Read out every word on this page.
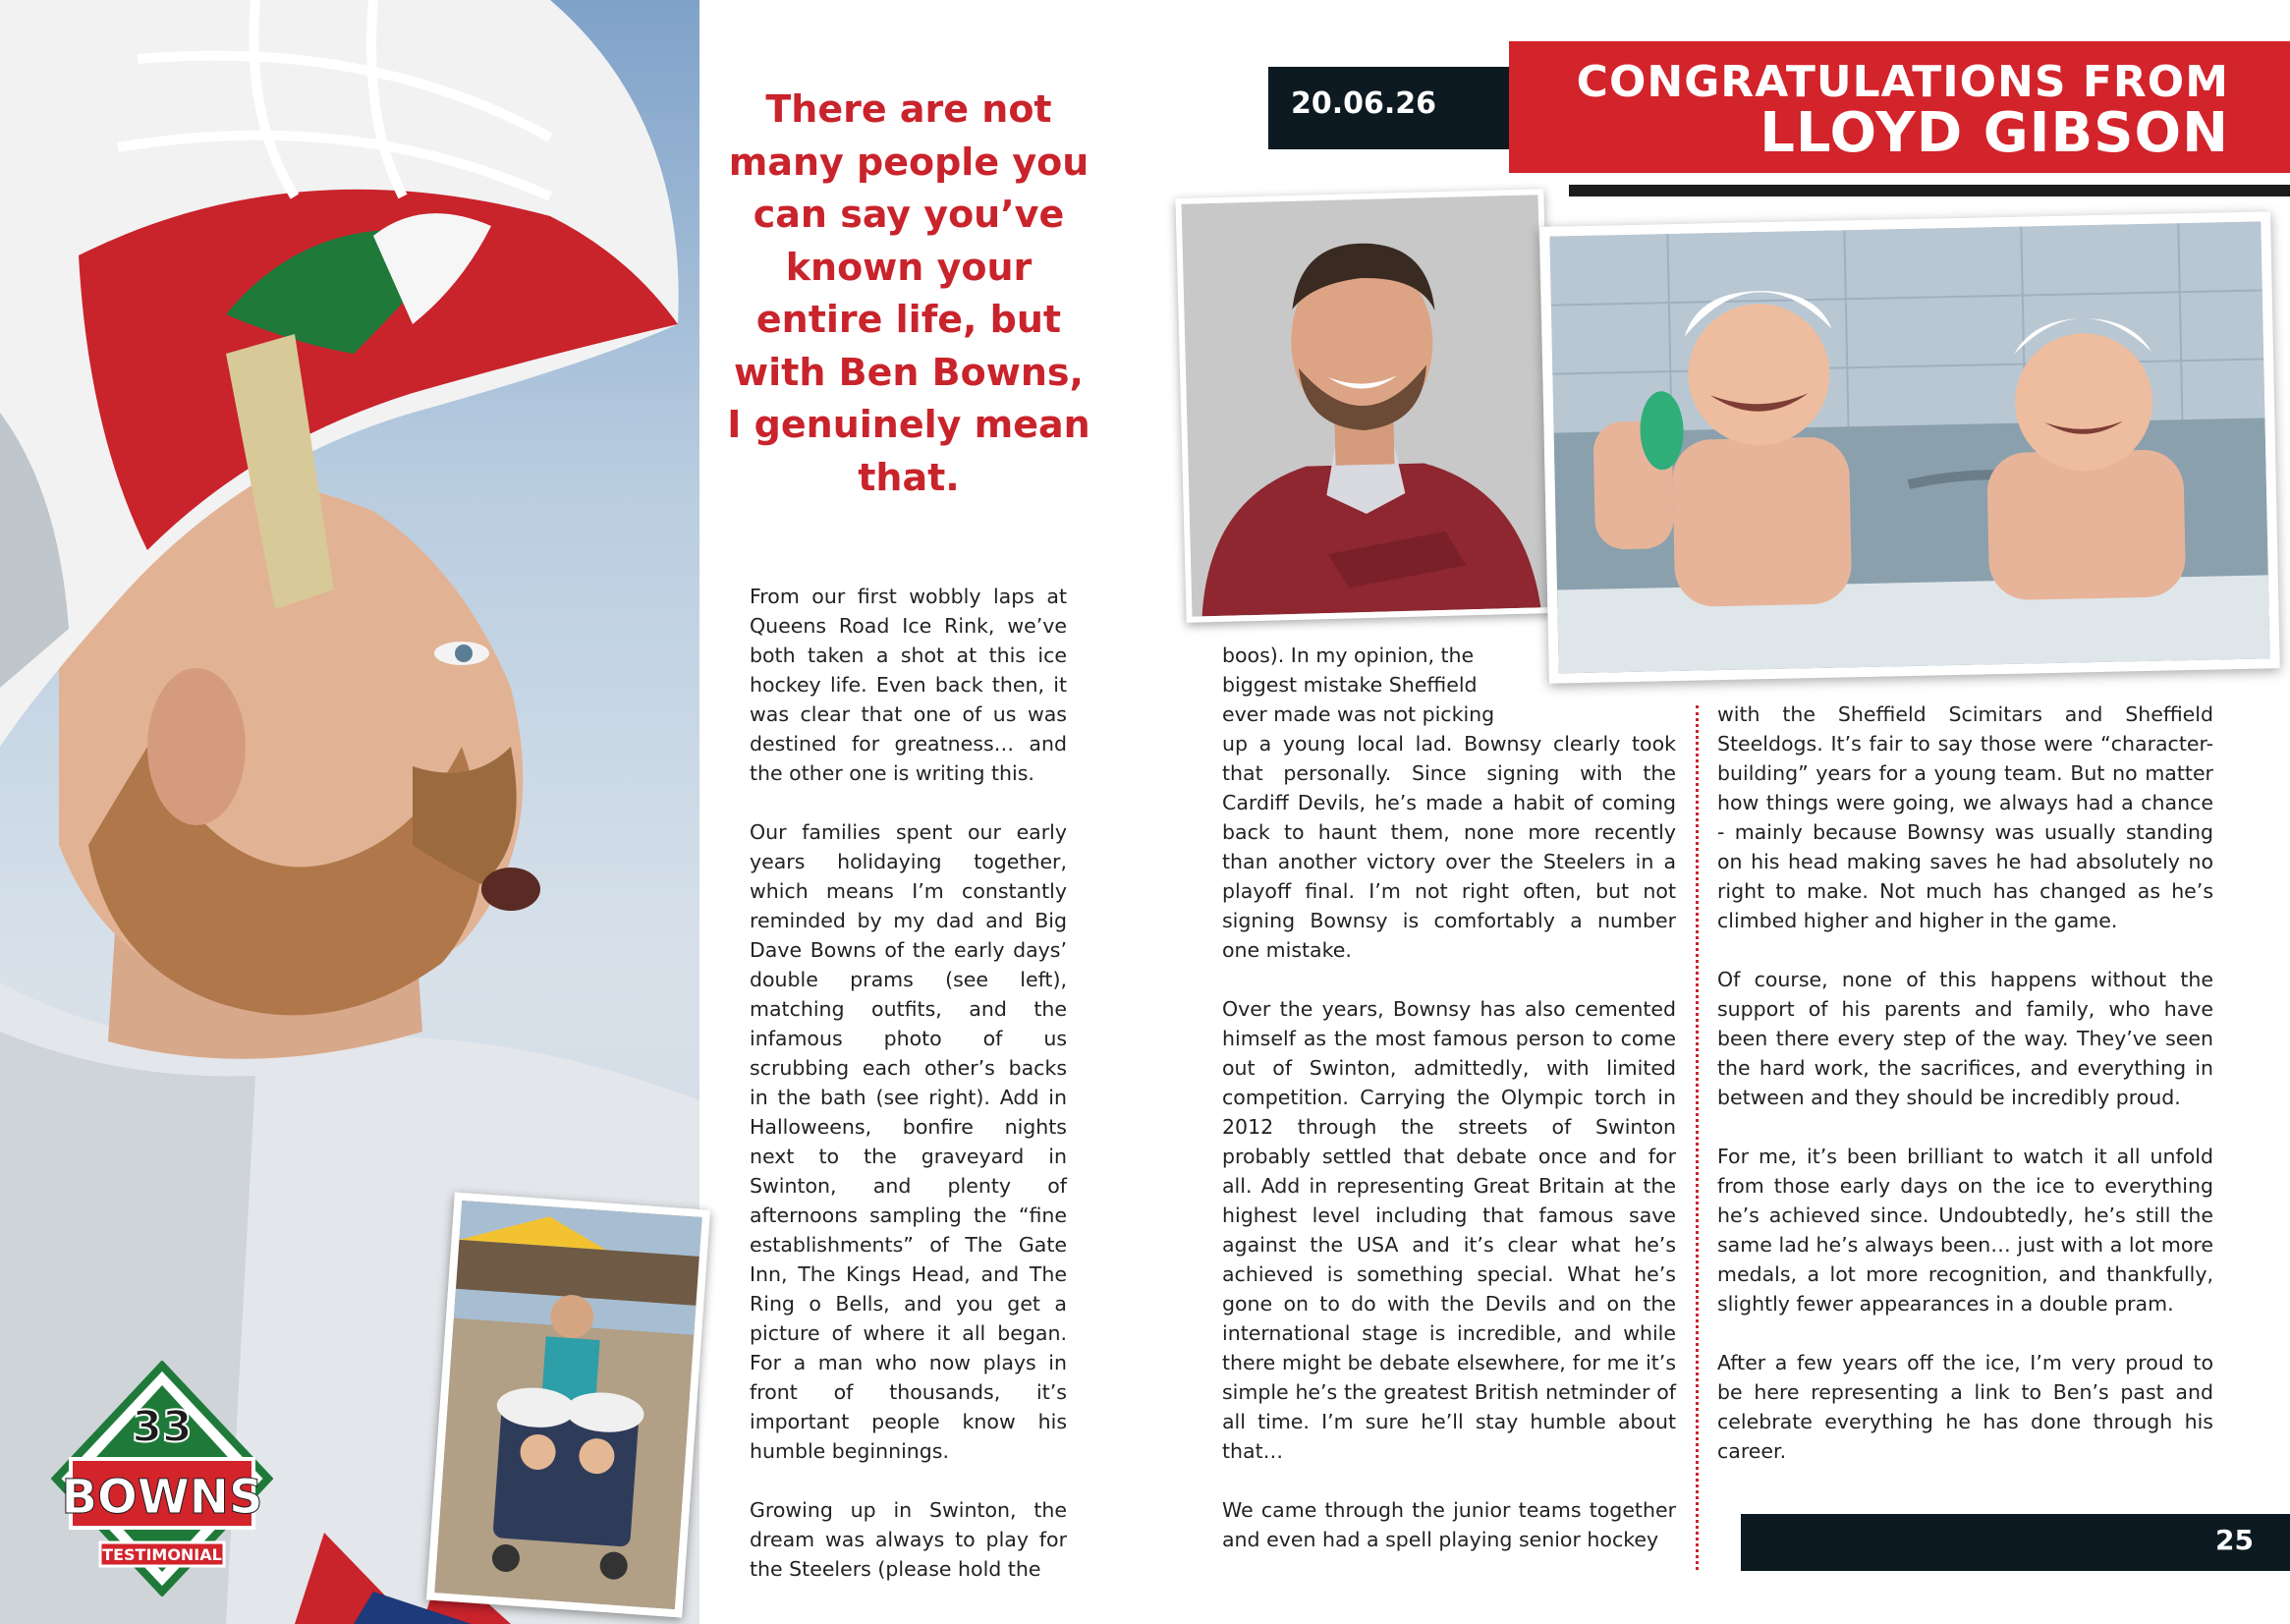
33
BOWNS
TESTIMONIAL

There are not many people you can say you’ve known your entire life, but with Ben Bowns, I genuinely mean that.

From our first wobbly laps at Queens Road Ice Rink, we’ve both taken a shot at this ice hockey life. Even back then, it was clear that one of us was destined for greatness… and the other one is writing this.

Our families spent our early years holidaying together, which means I’m constantly reminded by my dad and Big Dave Bowns of the early days’ double prams (see left), matching outfits, and the infamous photo of us scrubbing each other’s backs in the bath (see right). Add in Halloweens, bonfire nights next to the graveyard in Swinton, and plenty of afternoons sampling the “fine establishments” of The Gate Inn, The Kings Head, and The Ring o Bells, and you get a picture of where it all began. For a man who now plays in front of thousands, it’s important people know his humble beginnings.

Growing up in Swinton, the dream was always to play for the Steelers (please hold the

20.06.26	CONGRATULATIONS FROM
LLOYD GIBSON
boos). In my opinion, the biggest mistake Sheffield ever made was not picking

up a young local lad. Bownsy clearly took that personally. Since signing with the Cardiff Devils, he’s made a habit of coming back to haunt them, none more recently than another victory over the Steelers in a playoff final. I’m not right often, but not signing Bownsy is comfortably a number one mistake.

Over the years, Bownsy has also cemented himself as the most famous person to come out of Swinton, admittedly, with limited competition. Carrying the Olympic torch in 2012 through the streets of Swinton probably settled that debate once and for all. Add in representing Great Britain at the highest level including that famous save against the USA and it’s clear what he’s achieved is something special. What he’s gone on to do with the Devils and on the international stage is incredible, and while there might be debate elsewhere, for me it’s simple he’s the greatest British netminder of all time. I’m sure he’ll stay humble about that…

We came through the junior teams together and even had a spell playing senior hockey

with the Sheffield Scimitars and Sheffield Steeldogs. It’s fair to say those were “character-building” years for a young team. But no matter how things were going, we always had a chance - mainly because Bownsy was usually standing on his head making saves he had absolutely no right to make. Not much has changed as he’s climbed higher and higher in the game.

Of course, none of this happens without the support of his parents and family, who have been there every step of the way. They’ve seen the hard work, the sacrifices, and everything in between and they should be incredibly proud.

For me, it’s been brilliant to watch it all unfold from those early days on the ice to everything he’s achieved since. Undoubtedly, he’s still the same lad he’s always been… just with a lot more medals, a lot more recognition, and thankfully, slightly fewer appearances in a double pram.

After a few years off the ice, I’m very proud to be here representing a link to Ben’s past and celebrate everything he has done through his career.

25
